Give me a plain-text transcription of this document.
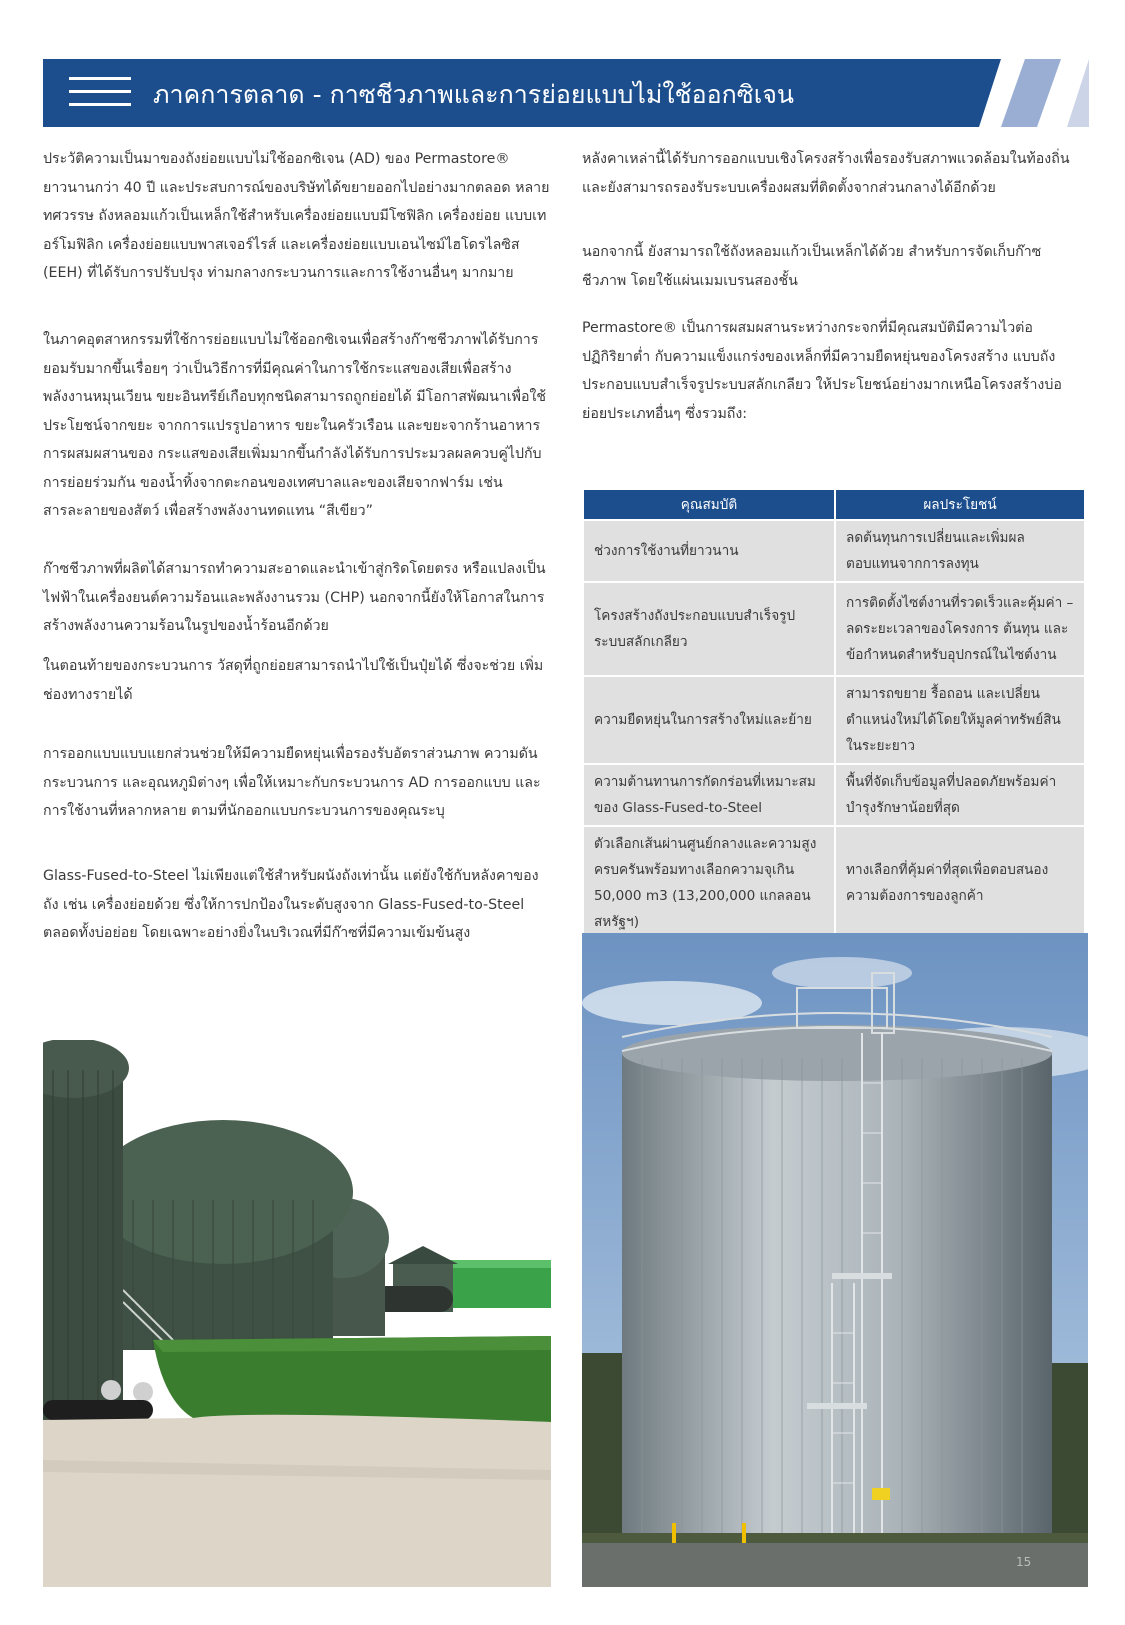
ภาคการตลาด - กาซชีวภาพและการย่อยแบบไม่ใช้ออกซิเจน

ประวัติความเป็นมาของถังย่อยแบบไม่ใช้ออกซิเจน (AD) ของ Permastore® ยาวนานกว่า 40 ปี และประสบการณ์ของบริษัทได้ขยายออกไปอย่างมากตลอด หลายทศวรรษ ถังหลอมแก้วเป็นเหล็กใช้สำหรับเครื่องย่อยแบบมีโซฟิลิก เครื่องย่อย แบบเทอร์โมฟิลิก เครื่องย่อยแบบพาสเจอร์ไรส์ และเครื่องย่อยแบบเอนไซม์ไฮโดรไลซิส (EEH) ที่ได้รับการปรับปรุง ท่ามกลางกระบวนการและการใช้งานอื่นๆ มากมาย

ในภาคอุตสาหกรรมที่ใช้การย่อยแบบไม่ใช้ออกซิเจนเพื่อสร้างก๊าซชีวภาพได้รับการยอมรับมากขึ้นเรื่อยๆ ว่าเป็นวิธีการที่มีคุณค่าในการใช้กระแสของเสียเพื่อสร้างพลังงานหมุนเวียน ขยะอินทรีย์เกือบทุกชนิดสามารถถูกย่อยได้ มีโอกาสพัฒนาเพื่อใช้ประโยชน์จากขยะ จากการแปรรูปอาหาร ขยะในครัวเรือน และขยะจากร้านอาหาร การผสมผสานของ กระแสของเสียเพิ่มมากขึ้นกำลังได้รับการประมวลผลควบคู่ไปกับการย่อยร่วมกัน ของน้ำทิ้งจากตะกอนของเทศบาลและของเสียจากฟาร์ม เช่น สารละลายของสัตว์ เพื่อสร้างพลังงานทดแทน “สีเขียว”

ก๊าซชีวภาพที่ผลิตได้สามารถทำความสะอาดและนำเข้าสู่กริดโดยตรง หรือแปลงเป็นไฟฟ้าในเครื่องยนต์ความร้อนและพลังงานรวม (CHP) นอกจากนี้ยังให้โอกาสในการสร้างพลังงานความร้อนในรูปของน้ำร้อนอีกด้วย

ในตอนท้ายของกระบวนการ วัสดุที่ถูกย่อยสามารถนำไปใช้เป็นปุ๋ยได้ ซึ่งจะช่วย เพิ่มช่องทางรายได้

การออกแบบแบบแยกส่วนช่วยให้มีความยืดหยุ่นเพื่อรองรับอัตราส่วนภาพ ความดันกระบวนการ และอุณหภูมิต่างๆ เพื่อให้เหมาะกับกระบวนการ AD การออกแบบ และการใช้งานที่หลากหลาย ตามที่นักออกแบบกระบวนการของคุณระบุ

Glass-Fused-to-Steel ไม่เพียงแต่ใช้สำหรับผนังถังเท่านั้น แต่ยังใช้กับหลังคาของ ถัง เช่น เครื่องย่อยด้วย ซึ่งให้การปกป้องในระดับสูงจาก Glass-Fused-to-Steel ตลอดทั้งบ่อย่อย โดยเฉพาะอย่างยิ่งในบริเวณที่มีก๊าซที่มีความเข้มข้นสูง

หลังคาเหล่านี้ได้รับการออกแบบเชิงโครงสร้างเพื่อรองรับสภาพแวดล้อมในท้องถิ่น และยังสามารถรองรับระบบเครื่องผสมที่ติดตั้งจากส่วนกลางได้อีกด้วย

นอกจากนี้ ยังสามารถใช้ถังหลอมแก้วเป็นเหล็กได้ด้วย สำหรับการจัดเก็บก๊าซชีวภาพ โดยใช้แผ่นเมมเบรนสองชั้น

Permastore® เป็นการผสมผสานระหว่างกระจกที่มีคุณสมบัติมีความไวต่อปฏิกิริยาต่ำ กับความแข็งแกร่งของเหล็กที่มีความยืดหยุ่นของโครงสร้าง แบบถังประกอบแบบสำเร็จรูประบบสลักเกลียว ให้ประโยชน์อย่างมากเหนือโครงสร้างบ่อย่อยประเภทอื่นๆ ซึ่งรวมถึง:

คุณสมบัติ	ผลประโยชน์
ช่วงการใช้งานที่ยาวนาน	ลดต้นทุนการเปลี่ยนและเพิ่มผลตอบแทนจากการลงทุน
โครงสร้างถังประกอบแบบสำเร็จรูประบบสลักเกลียว	การติดตั้งไซต์งานที่รวดเร็วและคุ้มค่า – ลดระยะเวลาของโครงการ ต้นทุน และข้อกำหนดสำหรับอุปกรณ์ในไซต์งาน
ความยืดหยุ่นในการสร้างใหม่และย้าย	สามารถขยาย รื้อถอน และเปลี่ยนตำแหน่งใหม่ได้โดยให้มูลค่าทรัพย์สินในระยะยาว
ความต้านทานการกัดกร่อนที่เหมาะสมของ Glass-Fused-to-Steel	พื้นที่จัดเก็บข้อมูลที่ปลอดภัยพร้อมค่าบำรุงรักษาน้อยที่สุด
ตัวเลือกเส้นผ่านศูนย์กลางและความสูงครบครันพร้อมทางเลือกความจุเกิน 50,000 m3 (13,200,000 แกลลอนสหรัฐฯ)	ทางเลือกที่คุ้มค่าที่สุดเพื่อตอบสนองความต้องการของลูกค้า
15
